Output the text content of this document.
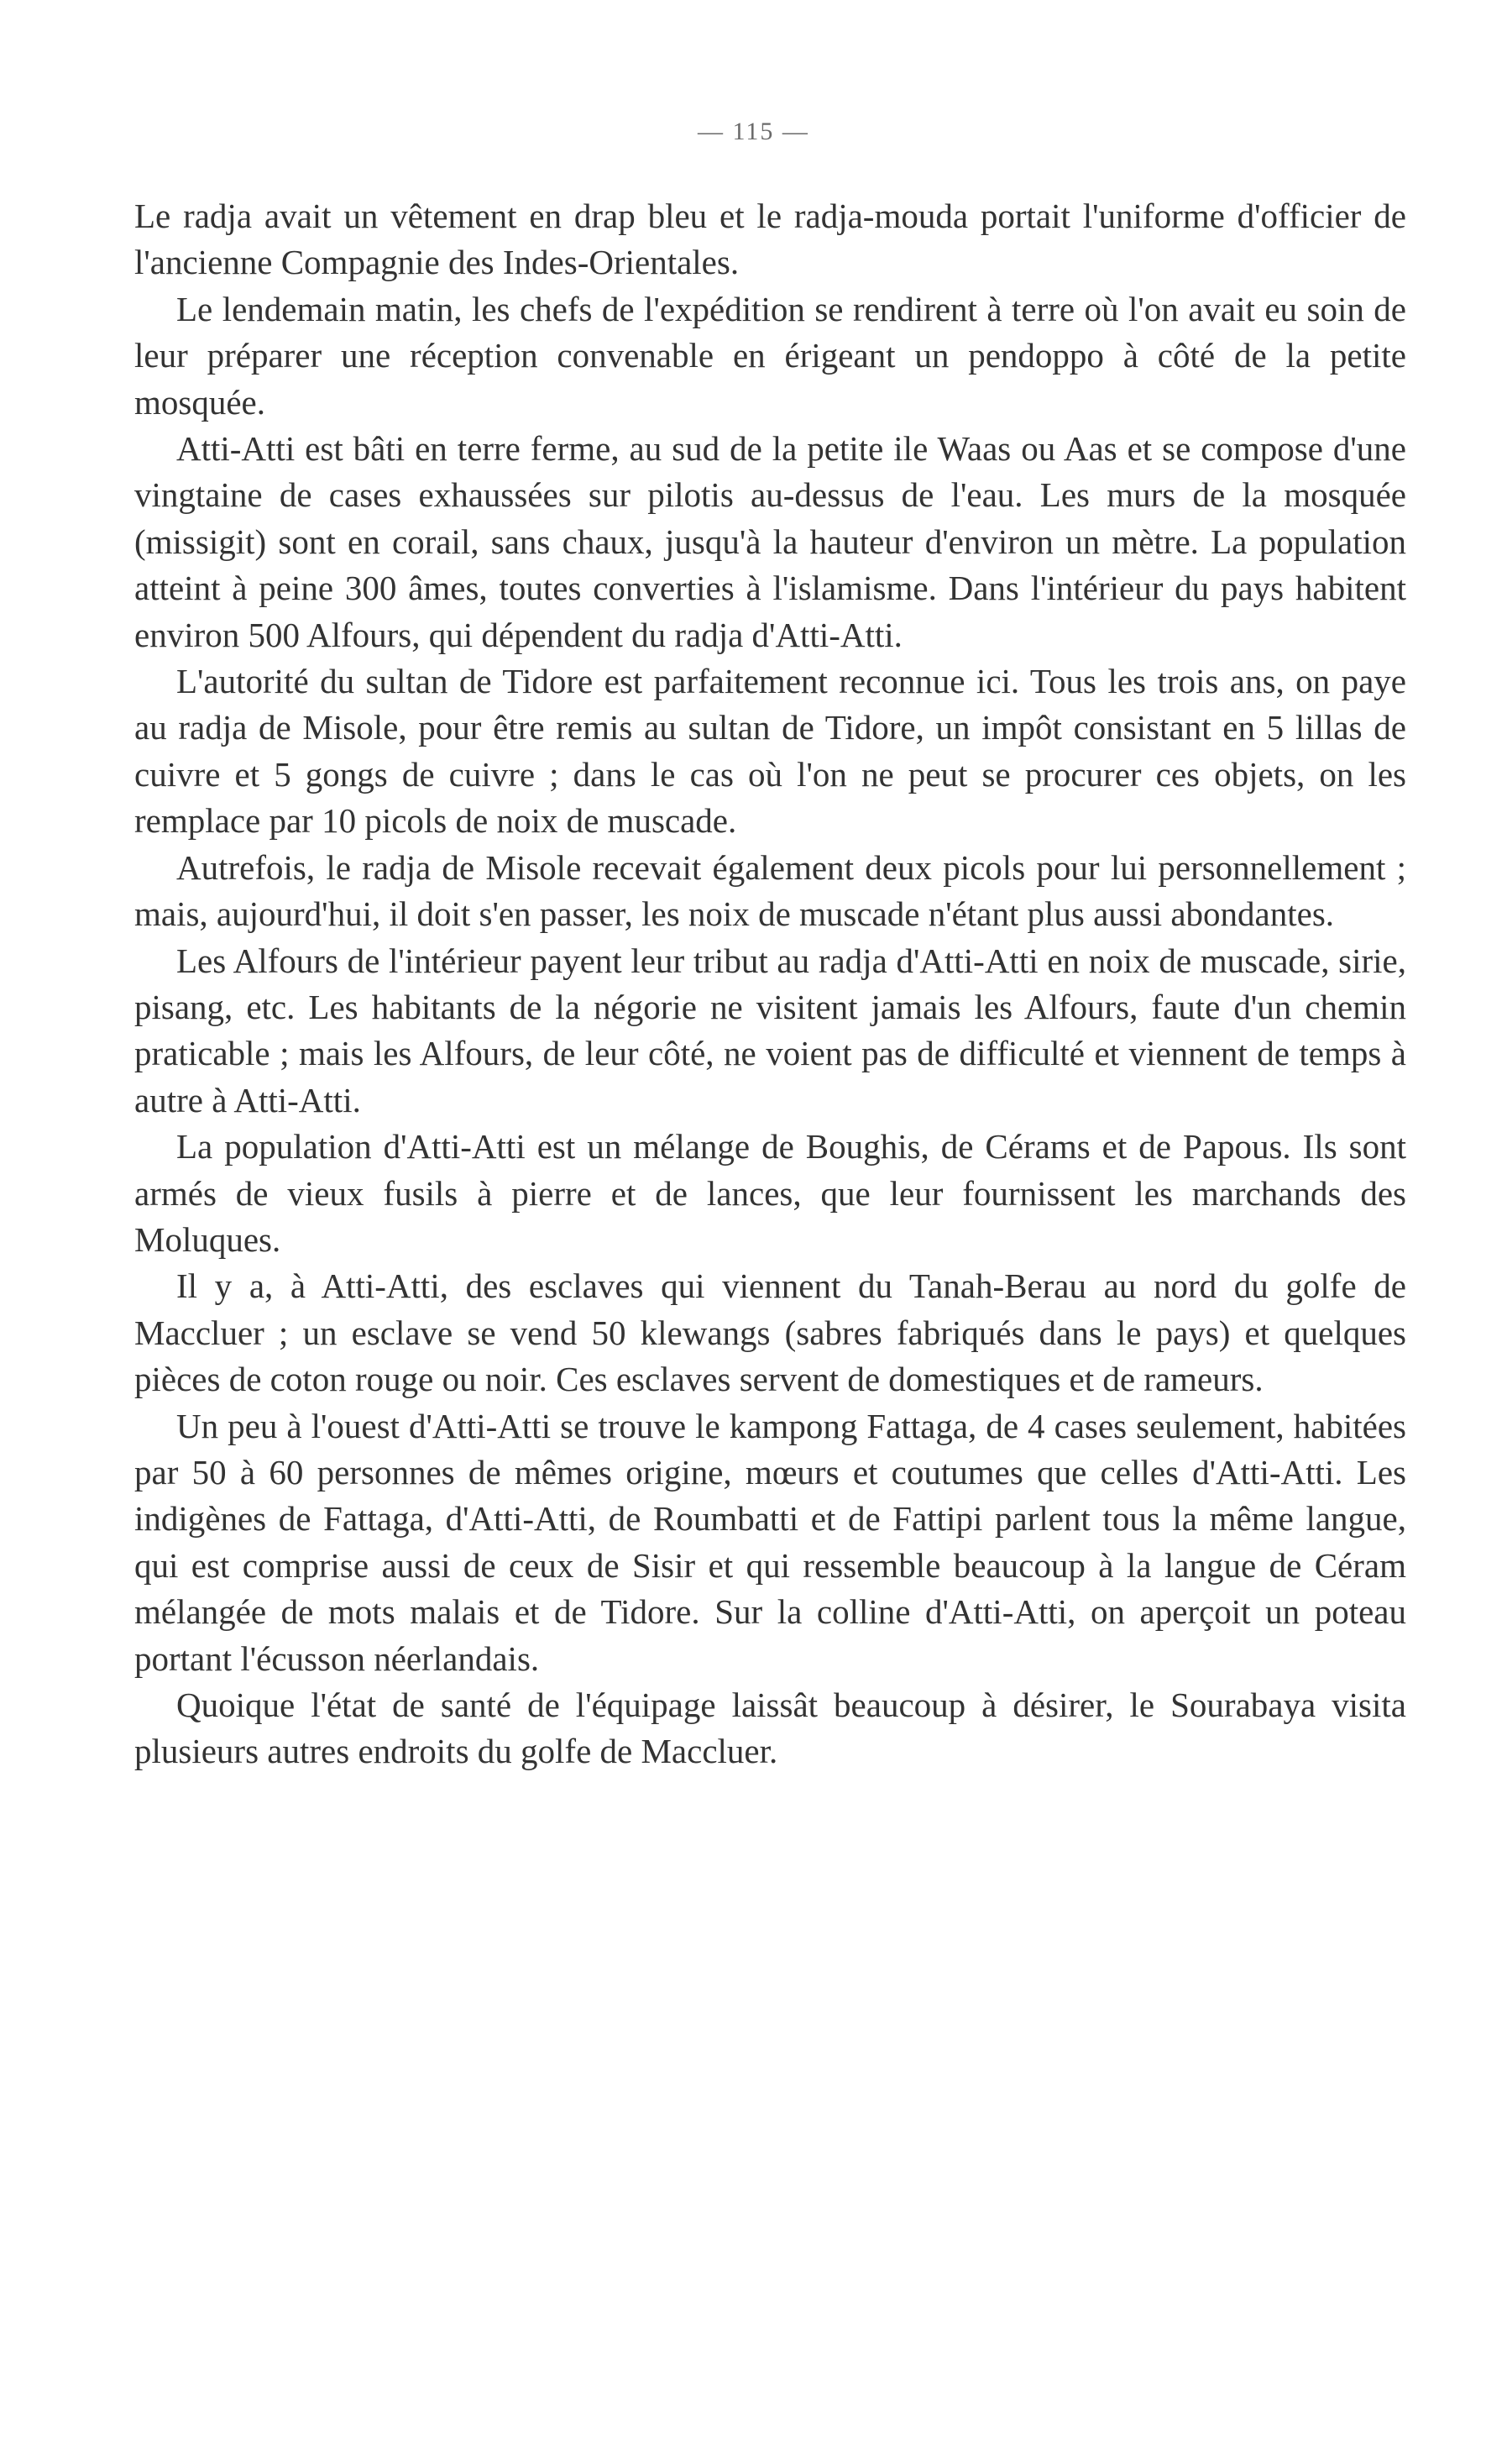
— 115 —

Le radja avait un vêtement en drap bleu et le radja-mouda portait l'uniforme d'officier de l'ancienne Compagnie des Indes-Orientales.

Le lendemain matin, les chefs de l'expédition se rendirent à terre où l'on avait eu soin de leur préparer une réception convenable en érigeant un pendoppo à côté de la petite mosquée.

Atti-Atti est bâti en terre ferme, au sud de la petite ile Waas ou Aas et se compose d'une vingtaine de cases exhaussées sur pilotis au-dessus de l'eau. Les murs de la mosquée (missigit) sont en corail, sans chaux, jusqu'à la hauteur d'environ un mètre. La population atteint à peine 300 âmes, toutes converties à l'islamisme. Dans l'intérieur du pays habitent environ 500 Alfours, qui dépendent du radja d'Atti-Atti.

L'autorité du sultan de Tidore est parfaitement reconnue ici. Tous les trois ans, on paye au radja de Misole, pour être remis au sultan de Tidore, un impôt consistant en 5 lillas de cuivre et 5 gongs de cuivre ; dans le cas où l'on ne peut se procurer ces objets, on les remplace par 10 picols de noix de muscade.

Autrefois, le radja de Misole recevait également deux picols pour lui personnellement ; mais, aujourd'hui, il doit s'en passer, les noix de muscade n'étant plus aussi abondantes.

Les Alfours de l'intérieur payent leur tribut au radja d'Atti-Atti en noix de muscade, sirie, pisang, etc. Les habitants de la négorie ne visitent jamais les Alfours, faute d'un chemin praticable ; mais les Alfours, de leur côté, ne voient pas de difficulté et viennent de temps à autre à Atti-Atti.

La population d'Atti-Atti est un mélange de Boughis, de Cérams et de Papous. Ils sont armés de vieux fusils à pierre et de lances, que leur fournissent les marchands des Moluques.

Il y a, à Atti-Atti, des esclaves qui viennent du Tanah-Berau au nord du golfe de Maccluer ; un esclave se vend 50 klewangs (sabres fabriqués dans le pays) et quelques pièces de coton rouge ou noir. Ces esclaves servent de domestiques et de rameurs.

Un peu à l'ouest d'Atti-Atti se trouve le kampong Fattaga, de 4 cases seulement, habitées par 50 à 60 personnes de mêmes origine, mœurs et coutumes que celles d'Atti-Atti. Les indigènes de Fattaga, d'Atti-Atti, de Roumbatti et de Fattipi parlent tous la même langue, qui est comprise aussi de ceux de Sisir et qui ressemble beaucoup à la langue de Céram mélangée de mots malais et de Tidore. Sur la colline d'Atti-Atti, on aperçoit un poteau portant l'écusson néerlandais.

Quoique l'état de santé de l'équipage laissât beaucoup à désirer, le Sourabaya visita plusieurs autres endroits du golfe de Maccluer.
